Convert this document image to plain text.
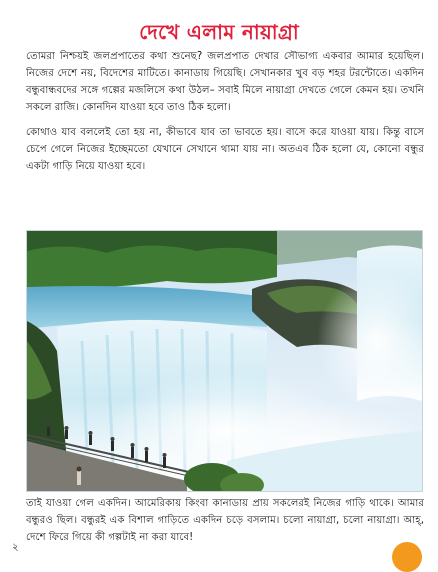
দেখে এলাম নায়াগ্রা

তোমরা নিশ্চয়ই জলপ্রপাতের কথা শুনেছ? জলপ্রপাত দেখার সৌভাগ্য একবার আমার হয়েছিল। নিজের দেশে নয়, বিদেশের মাটিতে। কানাডায় গিয়েছি। সেখানকার খুব বড় শহর টরন্টোতে। একদিন বন্ধুবান্ধবদের সঙ্গে গল্পের মজলিসে কথা উঠল– সবাই মিলে নায়াগ্রা দেখতে গেলে কেমন হয়। তখনি সকলে রাজি। কোনদিন যাওয়া হবে তাও ঠিক হলো।

কোথাও যাব বললেই তো হয় না, কীভাবে যাব তা ভাবতে হয়। বাসে করে যাওয়া যায়। কিন্তু বাসে চেপে গেলে নিজের ইচ্ছেমতো যেখানে সেখানে থামা যায় না। অতএব ঠিক হলো যে, কোনো বন্ধুর একটা গাড়ি নিয়ে যাওয়া হবে।

তাই যাওয়া গেল একদিন। আমেরিকায় কিংবা কানাডায় প্রায় সকলেরই নিজের গাড়ি থাকে। আমার বন্ধুরও ছিল। বন্ধুরই এক বিশাল গাড়িতে একদিন চড়ে বসলাম। চলো নায়াগ্রা, চলো নায়াগ্রা। আহ্‌, দেশে ফিরে গিয়ে কী গল্পটাই না করা যাবে!

২
